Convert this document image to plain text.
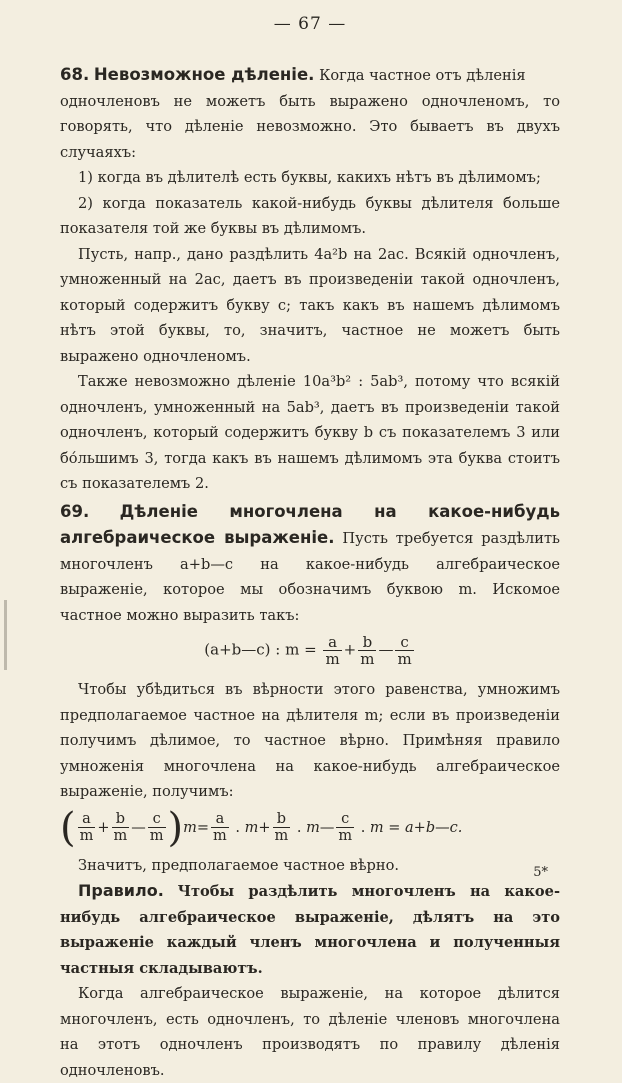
— 67 —

68. Невозможное дѣленіе. Когда частное отъ дѣленія

одночленовъ не можетъ быть выражено одночленомъ, то говорять, что дѣленіе невозможно. Это бываетъ въ двухъ случаяхъ:

1) когда въ дѣлителѣ есть буквы, какихъ нѣтъ въ дѣлимомъ;

2) когда показатель какой-нибудь буквы дѣлителя больше показателя той же буквы въ дѣлимомъ.

Пусть, напр., дано раздѣлить 4a²b на 2ac. Всякій одночленъ, умноженный на 2ac, даетъ въ произведеніи такой одночленъ, который содержитъ букву c; такъ какъ въ нашемъ дѣлимомъ нѣтъ этой буквы, то, значитъ, частное не можетъ быть выражено одночленомъ.

Также невозможно дѣленіе 10a³b² : 5ab³, потому что всякій одночленъ, умноженный на 5ab³, даетъ въ произведеніи такой одночленъ, который содержитъ букву b съ показателемъ 3 или бо́льшимъ 3, тогда какъ въ нашемъ дѣлимомъ эта буква стоитъ съ показателемъ 2.

69. Дѣленіе многочлена на какое-нибудь алгебраическое выраженіе. Пусть требуется раздѣлить многочленъ a+b—c на какое-нибудь алгебраическое выраженіе, которое мы обозначимъ буквою m. Искомое частное можно выразить такъ:

(a+b—c) : $m = \frac{a}{m} + \frac{b}{m}$ — $\frac{c}{m}$

Чтобы убѣдиться въ вѣрности этого равенства, умножимъ предполагаемое частное на дѣлителя m; если въ произведеніи получимъ дѣлимое, то частное вѣрно. Примѣняя правило умноженія многочлена на какое-нибудь алгебраическое выраженіе, получимъ:

( $\frac{a}{m} + \frac{b}{m}$ — $\frac{c}{m} )m= \frac{a}{m}$ . $m+ \frac{b}{m}$ . m— $\frac{c}{m}$ . m = a+b—c.

Значитъ, предполагаемое частное вѣрно.

Правило. Чтобы раздѣлить многочленъ на какое-нибудь алгебраическое выраженіе, дѣлятъ на это выраженіе каждый членъ многочлена и полученныя частныя складываютъ.

Когда алгебраическое выраженіе, на которое дѣлится многочленъ, есть одночленъ, то дѣленіе членовъ многочлена на этотъ одночленъ производятъ по правилу дѣленія одночленовъ.

5*
